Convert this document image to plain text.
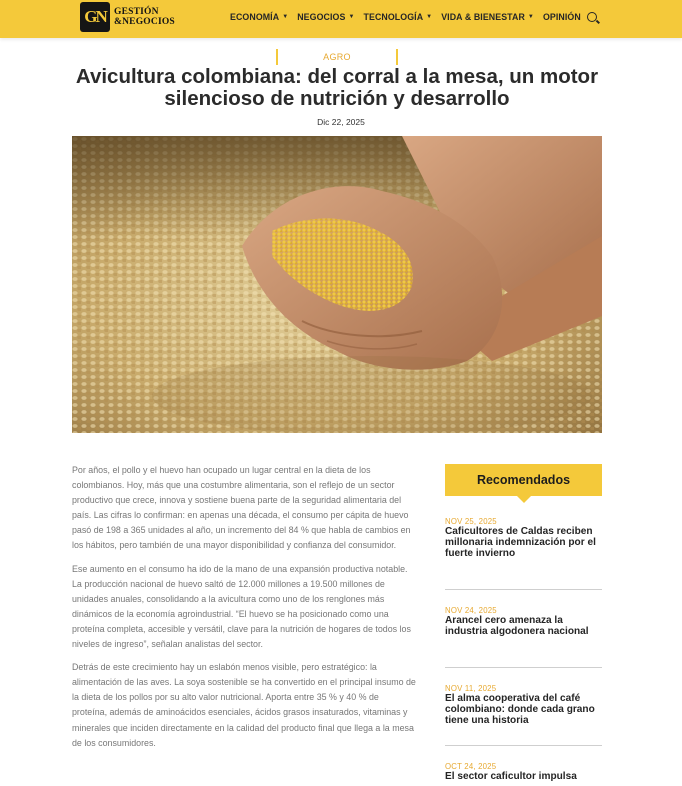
GN GESTIÓN
&NEGOCIOS	ECONOMÍA ▼ NEGOCIOS ▼ TECNOLOGÍA ▼ VIDA & BIENESTAR ▼ OPINIÓN
AGRO
Avicultura colombiana: del corral a la mesa, un motor silencioso de nutrición y desarrollo
Dic 22, 2025

Por años, el pollo y el huevo han ocupado un lugar central en la dieta de los colombianos. Hoy, más que una costumbre alimentaria, son el reflejo de un sector productivo que crece, innova y sostiene buena parte de la seguridad alimentaria del país. Las cifras lo confirman: en apenas una década, el consumo per cápita de huevo pasó de 198 a 365 unidades al año, un incremento del 84 % que habla de cambios en los hábitos, pero también de una mayor disponibilidad y confianza del consumidor.

Ese aumento en el consumo ha ido de la mano de una expansión productiva notable. La producción nacional de huevo saltó de 12.000 millones a 19.500 millones de unidades anuales, consolidando a la avicultura como uno de los renglones más dinámicos de la economía agroindustrial. “El huevo se ha posicionado como una proteína completa, accesible y versátil, clave para la nutrición de hogares de todos los niveles de ingreso”, señalan analistas del sector.

Detrás de este crecimiento hay un eslabón menos visible, pero estratégico: la alimentación de las aves. La soya sostenible se ha convertido en el principal insumo de la dieta de los pollos por su alto valor nutricional. Aporta entre 35 % y 40 % de proteína, además de aminoácidos esenciales, ácidos grasos insaturados, vitaminas y minerales que inciden directamente en la calidad del producto final que llega a la mesa de los consumidores.

Recomendados
NOV 25, 2025
Caficultores de Caldas reciben millonaria indemnización por el fuerte invierno
NOV 24, 2025
Arancel cero amenaza la industria algodonera nacional
NOV 11, 2025
El alma cooperativa del café colombiano: donde cada grano tiene una historia
OCT 24, 2025
El sector caficultor impulsa
